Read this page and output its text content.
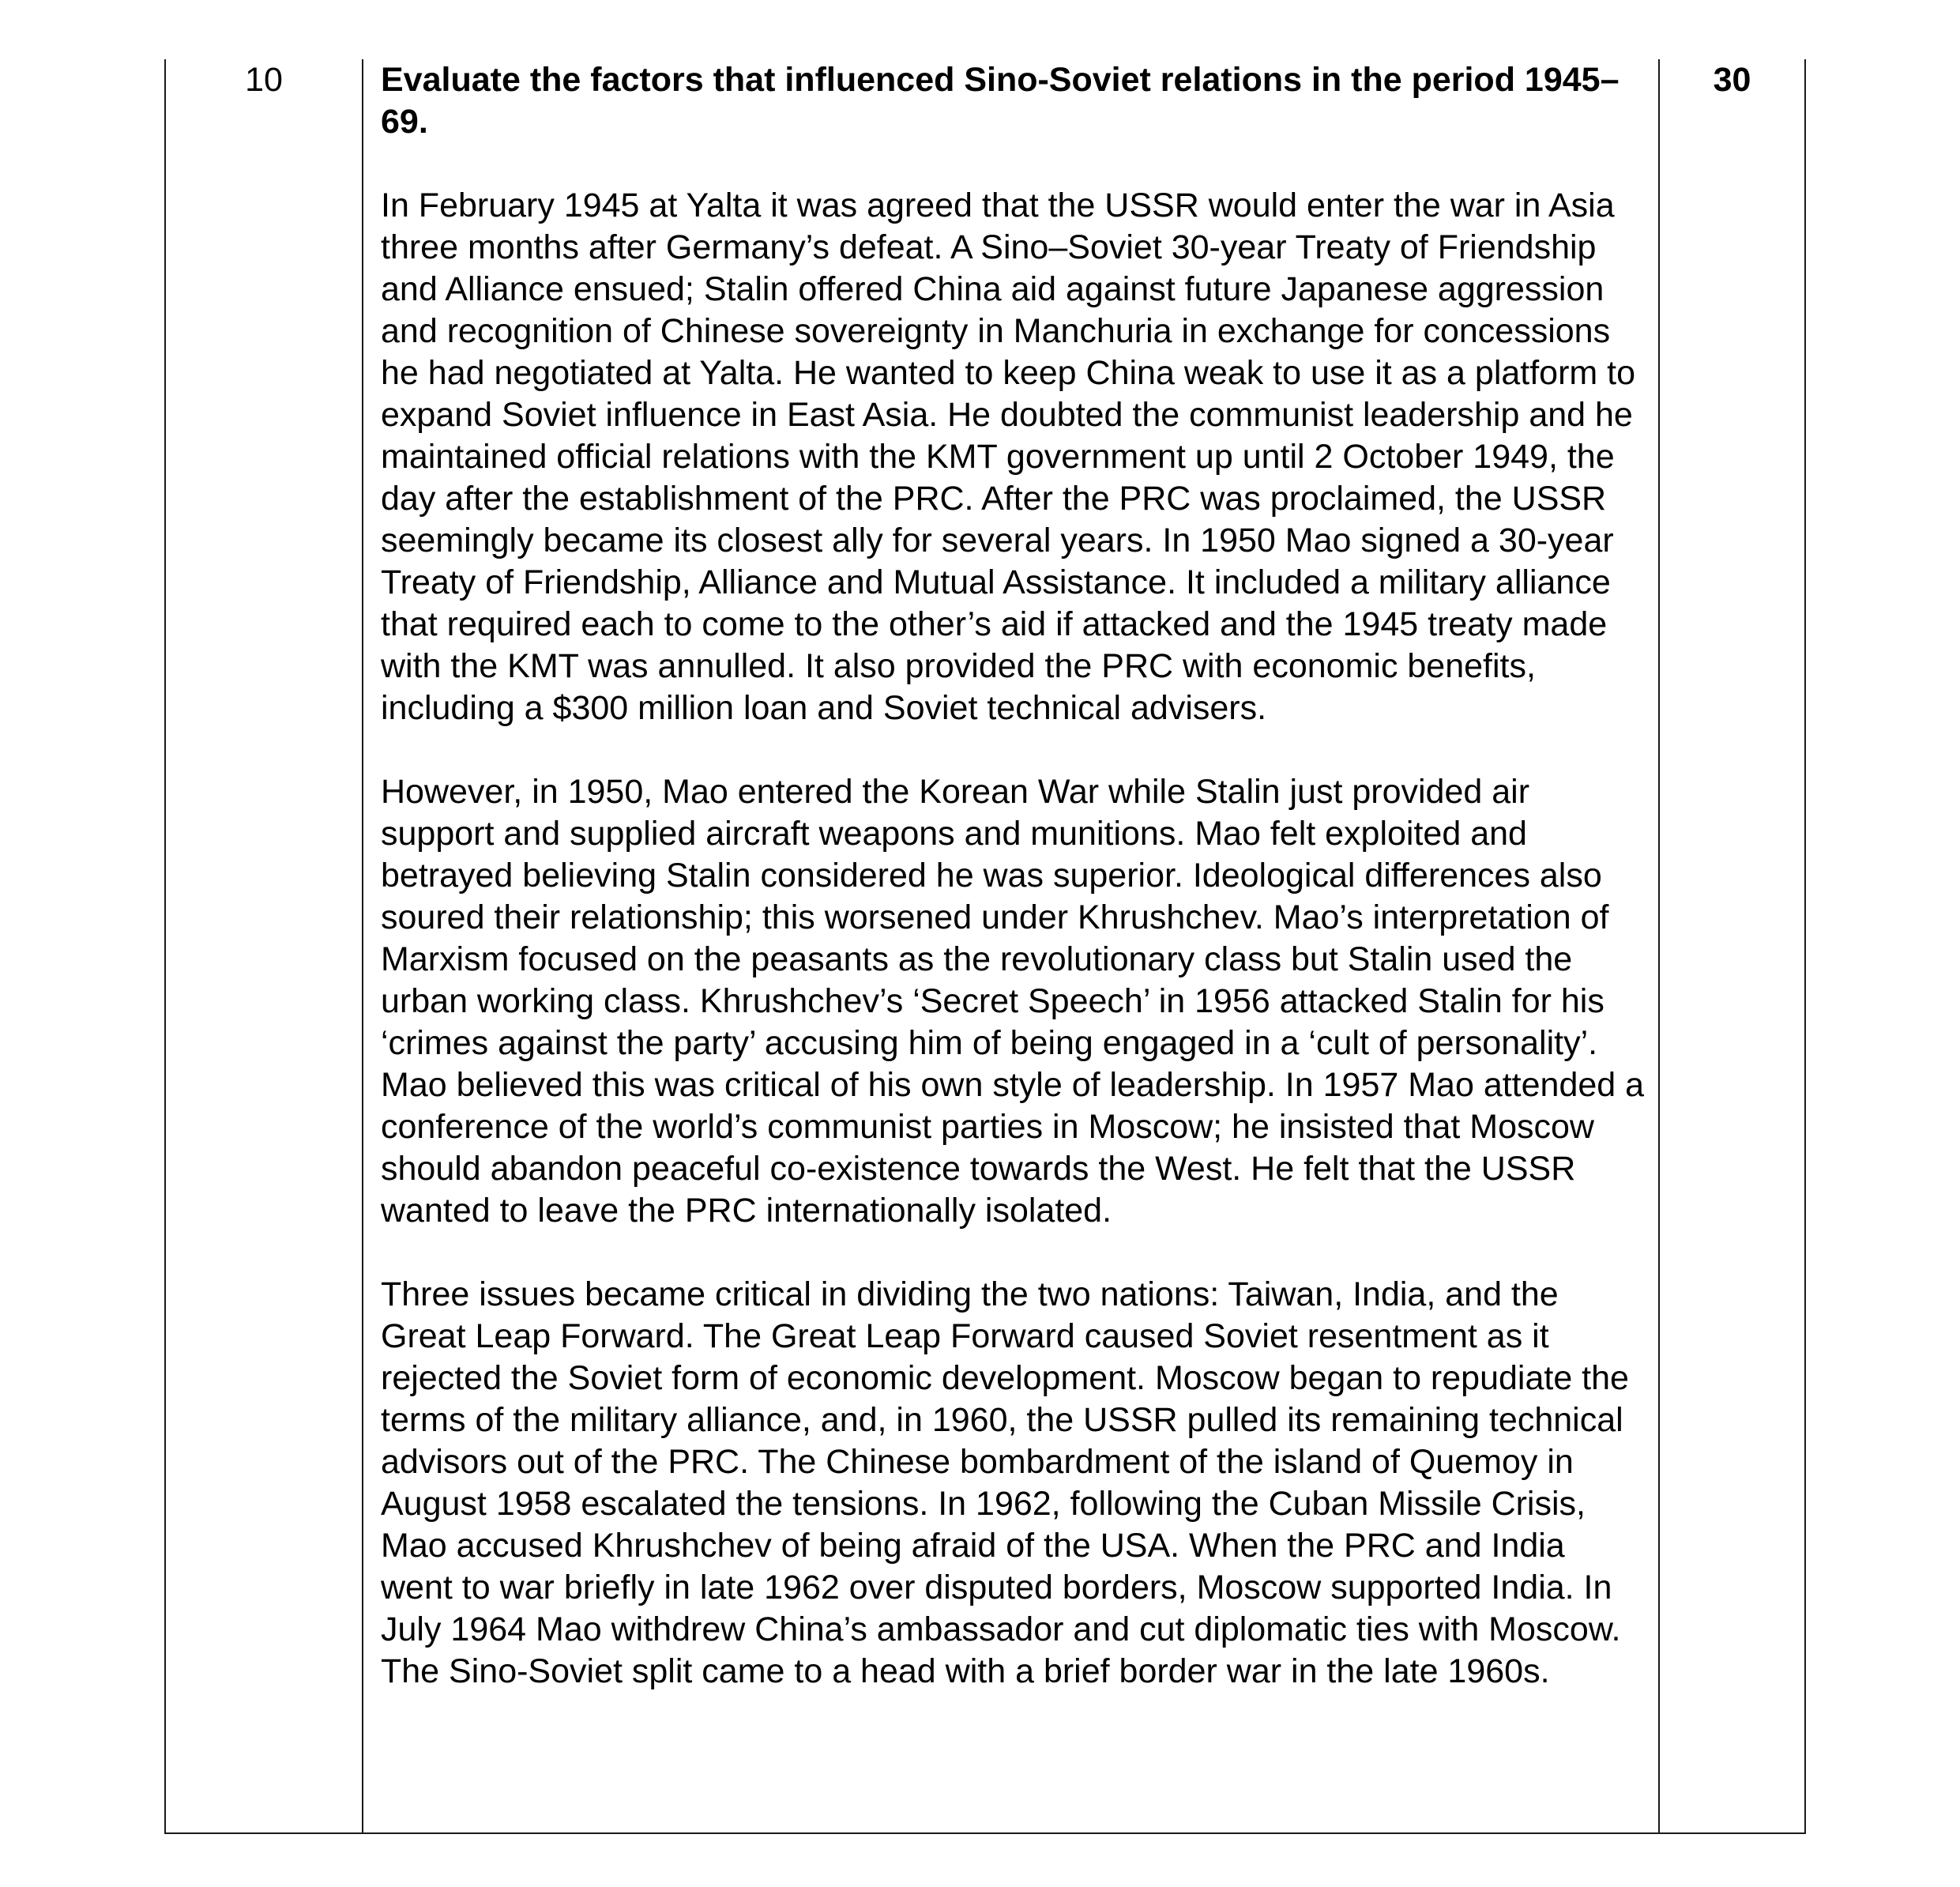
10	Evaluate the factors that influenced Sino-Soviet relations in the period 1945–69.

In February 1945 at Yalta it was agreed that the USSR would enter the war in Asia three months after Germany’s defeat. A Sino–Soviet 30-year Treaty of Friendship and Alliance ensued; Stalin offered China aid against future Japanese aggression and recognition of Chinese sovereignty in Manchuria in exchange for concessions he had negotiated at Yalta. He wanted to keep China weak to use it as a platform to expand Soviet influence in East Asia. He doubted the communist leadership and he maintained official relations with the KMT government up until 2 October 1949, the day after the establishment of the PRC. After the PRC was proclaimed, the USSR seemingly became its closest ally for several years. In 1950 Mao signed a 30-year Treaty of Friendship, Alliance and Mutual Assistance. It included a military alliance that required each to come to the other’s aid if attacked and the 1945 treaty made with the KMT was annulled. It also provided the PRC with economic benefits, including a $300 million loan and Soviet technical advisers.

However, in 1950, Mao entered the Korean War while Stalin just provided air support and supplied aircraft weapons and munitions. Mao felt exploited and betrayed believing Stalin considered he was superior. Ideological differences also soured their relationship; this worsened under Khrushchev. Mao’s interpretation of Marxism focused on the peasants as the revolutionary class but Stalin used the urban working class. Khrushchev’s ‘Secret Speech’ in 1956 attacked Stalin for his ‘crimes against the party’ accusing him of being engaged in a ‘cult of personality’. Mao believed this was critical of his own style of leadership. In 1957 Mao attended a conference of the world’s communist parties in Moscow; he insisted that Moscow should abandon peaceful co-existence towards the West. He felt that the USSR wanted to leave the PRC internationally isolated.

Three issues became critical in dividing the two nations: Taiwan, India, and the Great Leap Forward. The Great Leap Forward caused Soviet resentment as it rejected the Soviet form of economic development. Moscow began to repudiate the terms of the military alliance, and, in 1960, the USSR pulled its remaining technical advisors out of the PRC. The Chinese bombardment of the island of Quemoy in August 1958 escalated the tensions. In 1962, following the Cuban Missile Crisis, Mao accused Khrushchev of being afraid of the USA. When the PRC and India went to war briefly in late 1962 over disputed borders, Moscow supported India. In July 1964 Mao withdrew China’s ambassador and cut diplomatic ties with Moscow. The Sino-Soviet split came to a head with a brief border war in the late 1960s.

30
